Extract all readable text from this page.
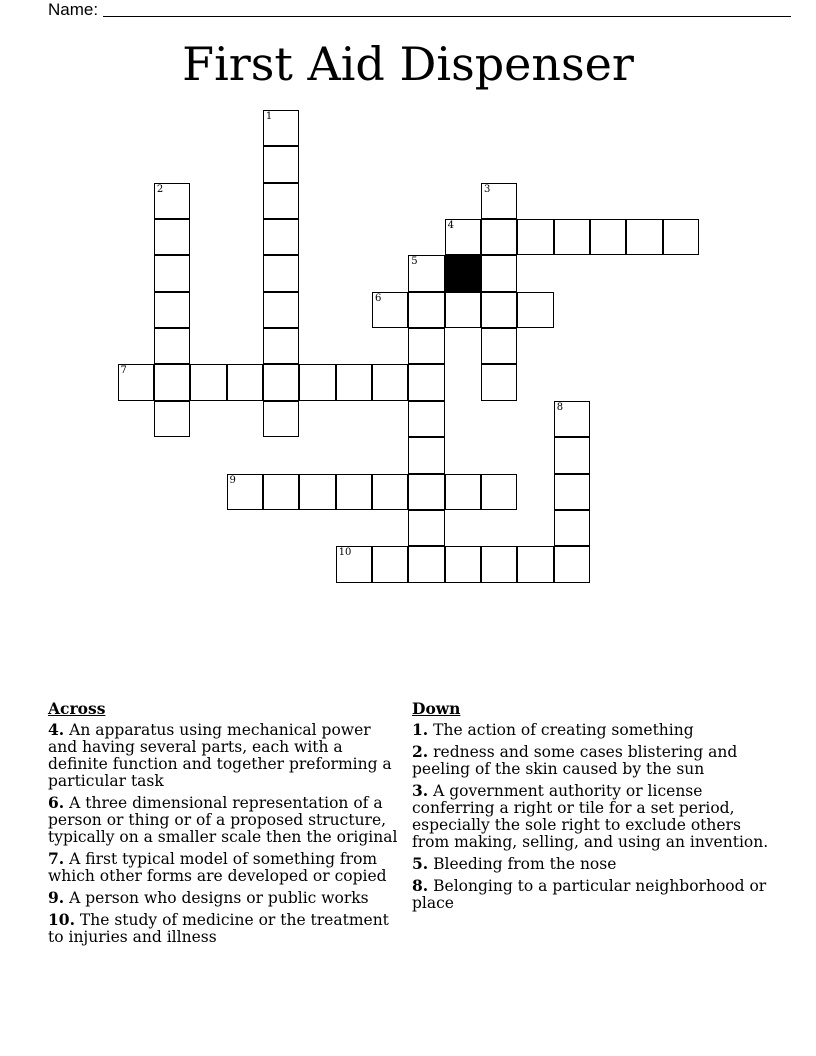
Name:
First Aid Dispenser
1
2	3
4
5
6
7
8
9
10
Across
4. An apparatus using mechanical power and having several parts, each with a definite function and together preforming a particular task
6. A three dimensional representation of a person or thing or of a proposed structure, typically on a smaller scale then the original
7. A first typical model of something from which other forms are developed or copied
9. A person who designs or public works
10. The study of medicine or the treatment to injuries and illness
Down
1. The action of creating something
2. redness and some cases blistering and peeling of the skin caused by the sun
3. A government authority or license conferring a right or tile for a set period, especially the sole right to exclude others from making, selling, and using an invention.
5. Bleeding from the nose
8. Belonging to a particular neighborhood or place
